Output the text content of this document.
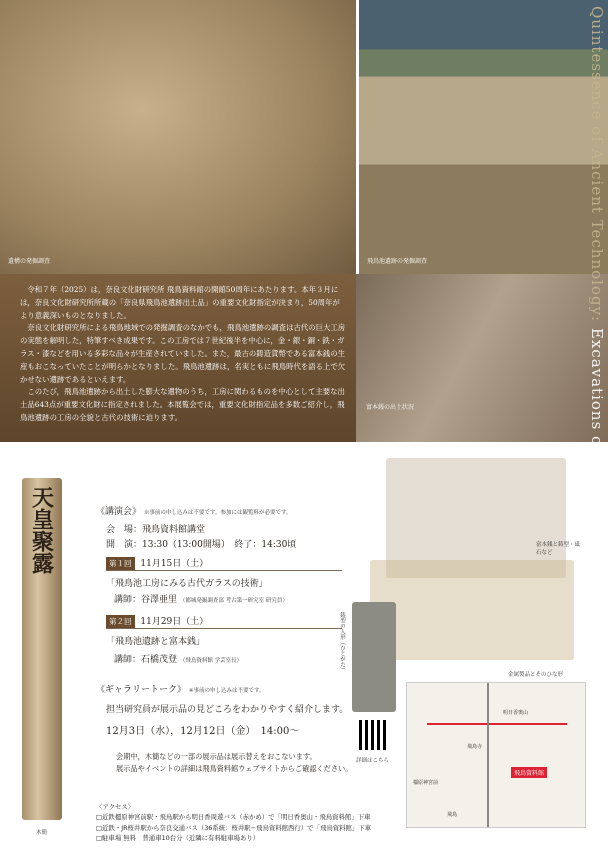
遺構の発掘調査	飛鳥池遺跡の発掘調査
富本銭の出土状況

令和７年（2025）は，奈良文化財研究所 飛鳥資料館の開館50周年にあたります。本年３月には，奈良文化財研究所所蔵の「奈良県飛鳥池遺跡出土品」の重要文化財指定が決まり，50周年がより意義深いものとなりました。

奈良文化財研究所による飛鳥地域での発掘調査のなかでも，飛鳥池遺跡の調査は古代の巨大工房の実態を解明した，特筆すべき成果です。この工房では７世紀後半を中心に，金・銀・銅・鉄・ガラス・漆などを用いる多彩な品々が生産されていました。また，最古の鋳造貨幣である富本銭の生産もおこなっていたことが明らかとなりました。飛鳥池遺跡は，名実ともに飛鳥時代を語る上で欠かせない遺跡であるといえます。

このたび，飛鳥池遺跡から出土した膨大な遺物のうち，工房に関わるものを中心として主要な出土品643点が重要文化財に指定されました。本展覧会では，重要文化財指定品を多数ご紹介し，飛鳥池遺跡の工房の全貌と古代の技術に迫ります。

Quintessence of Ancient Technology: Excavations of Asukaike Workshops
天皇聚露
木簡
《講演会》 ※事前の申し込みは不要です。参加には観覧料が必要です。
会　場：飛鳥資料館講堂
開　演：13:30（13:00開場）　終了：14:30頃
第１回 11月15日（土）
「飛鳥池工房にみる古代ガラスの技術」
講師：谷澤亜里 （都城発掘調査部 考古第一研究室 研究員）
第２回 11月29日（土）
「飛鳥池遺跡と富本銭」
講師：石橋茂登 （飛鳥資料館 学芸室長）
《ギャラリートーク》 ※事前の申し込みは不要です。
担当研究員が展示品の見どころをわかりやすく紹介します。
12月3日（水），12月12日（金）　14:00〜
会期中，木簡などの一部の展示品は展示替えをおこないます。
展示品やイベントの詳細は飛鳥資料館ウェブサイトからご確認ください。
富本銭と鋳型・砥石など
金属製品とそのひな形
鋳型の人形（ひとがた）
詳細はこちら
飛鳥資料館
明日香奥山
飛鳥寺
橿原神宮前
飛鳥
〈アクセス〉
□近鉄橿原神宮前駅・飛鳥駅から明日香周遊バス（赤かめ）で「明日香奥山・飛鳥資料館」下車
□近鉄・JR桜井駅から奈良交通バス（36系統：桜井駅−飛鳥資料館西行）で「飛鳥資料館」下車
□駐車場 無料　普通車10台分（近隣に有料駐車場あり）
